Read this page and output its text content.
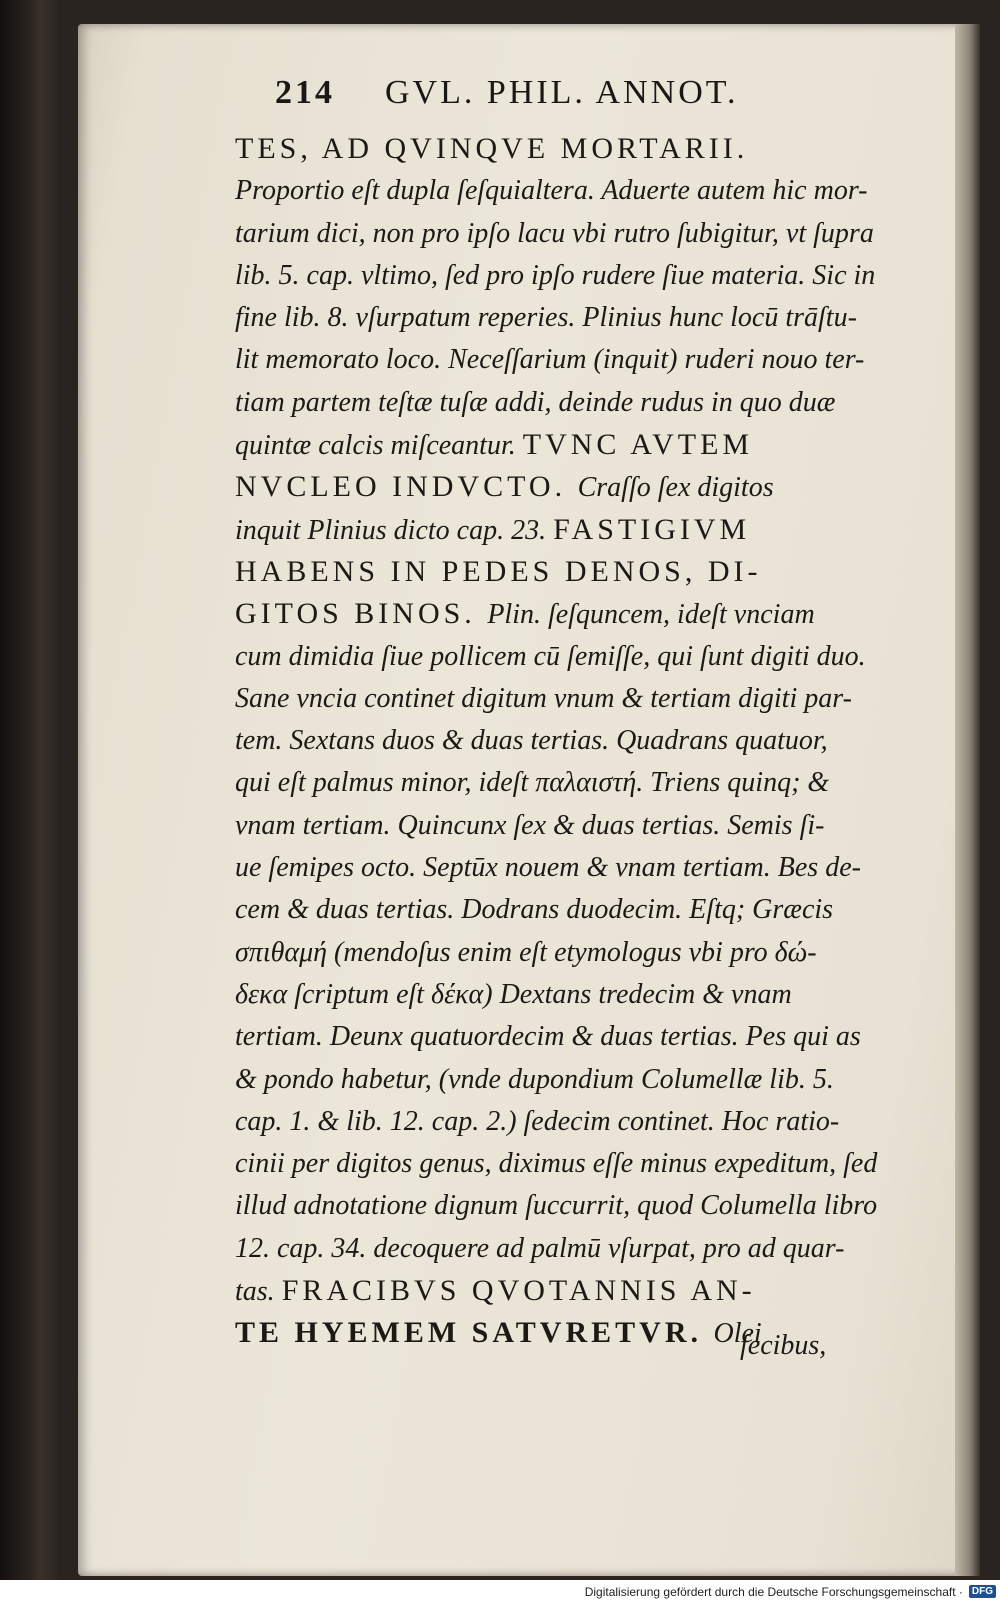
214 GVL. PHIL. ANNOT.
TES, AD QVINQVE MORTARII.
Proportio eſt dupla ſeſquialtera. Aduerte autem hic mor-
tarium dici, non pro ipſo lacu vbi rutro ſubigitur, vt ſupra
lib. 5. cap. vltimo, ſed pro ipſo rudere ſiue materia. Sic in
fine lib. 8. vſurpatum reperies. Plinius hunc locū trāſtu-
lit memorato loco. Neceſſarium (inquit) ruderi nouo ter-
tiam partem teſtæ tuſæ addi, deinde rudus in quo duæ
quintæ calcis miſceantur. TVNC AVTEM
NVCLEO INDVCTO. Craſſo ſex digitos
inquit Plinius dicto cap. 23. FASTIGIVM
HABENS IN PEDES DENOS, DI-
GITOS BINOS. Plin. ſeſquncem, ideſt vnciam
cum dimidia ſiue pollicem cū ſemiſſe, qui ſunt digiti duo.
Sane vncia continet digitum vnum & tertiam digiti par-
tem. Sextans duos & duas tertias. Quadrans quatuor,
qui eſt palmus minor, ideſt παλαιστή. Triens quinq; &
vnam tertiam. Quincunx ſex & duas tertias. Semis ſi-
ue ſemipes octo. Septūx nouem & vnam tertiam. Bes de-
cem & duas tertias. Dodrans duodecim. Eſtq; Græcis
σπιθαμή (mendoſus enim eſt etymologus vbi pro δώ-
δεκα ſcriptum eſt δέκα) Dextans tredecim & vnam
tertiam. Deunx quatuordecim & duas tertias. Pes qui as
& pondo habetur, (vnde dupondium Columellæ lib. 5.
cap. 1. & lib. 12. cap. 2.) ſedecim continet. Hoc ratio-
cinii per digitos genus, diximus eſſe minus expeditum, ſed
illud adnotatione dignum ſuccurrit, quod Columella libro
12. cap. 34. decoquere ad palmū vſurpat, pro ad quar-
tas. FRACIBVS QVOTANNIS AN-
TE HYEMEM SATVRETVR. Olei
fecibus,
Digitalisierung gefördert durch die Deutsche Forschungsgemeinschaft · DFG
